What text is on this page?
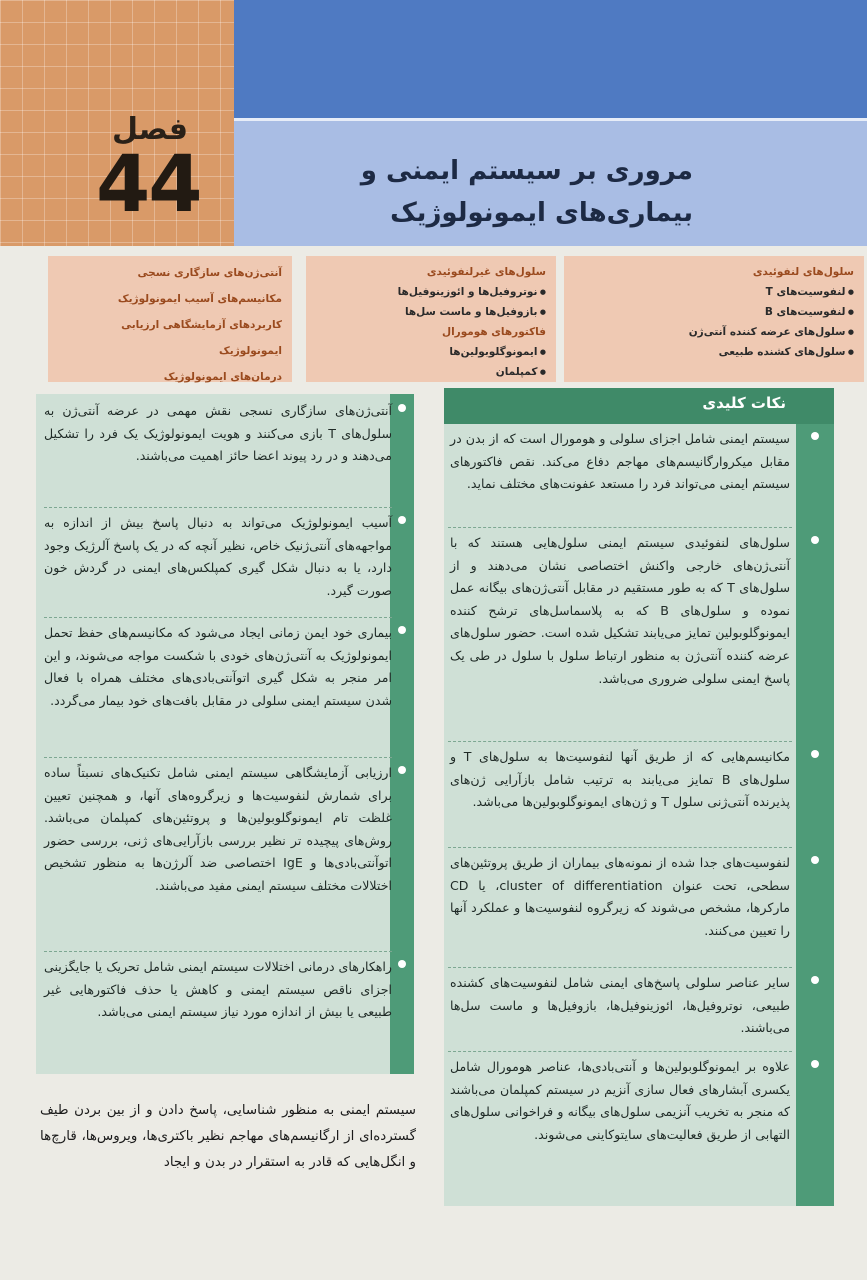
فصل
44	مروری بر سیستم ایمنی و بیماری‌های ایمونولوژیک
سلول‌های لنفوئیدی
● لنفوسیت‌های T
● لنفوسیت‌های B
● سلول‌های عرضه کننده آنتی‌ژن
● سلول‌های کشنده طبیعی
سلول‌های غیرلنفوئیدی
● نوتروفیل‌ها و ائوزینوفیل‌ها
● بازوفیل‌ها و ماست سل‌ها
فاکتورهای هومورال
● ایمونوگلوبولین‌ها
● کمپلمان
آنتی‌ژن‌های سازگاری نسجی
مکانیسم‌های آسیب ایمونولوژیک
کاربردهای آزمایشگاهی ارزیابی ایمونولوژیک
درمان‌های ایمونولوژیک
نکات کلیدی
سیستم ایمنی شامل اجزای سلولی و هومورال است که از بدن در مقابل میکروارگانیسم‌های مهاجم دفاع می‌کند. نقص فاکتورهای سیستم ایمنی می‌تواند فرد را مستعد عفونت‌های مختلف نماید.
سلول‌های لنفوئیدی سیستم ایمنی سلول‌هایی هستند که با آنتی‌ژن‌های خارجی واکنش اختصاصی نشان می‌دهند و از سلول‌های T که به طور مستقیم در مقابل آنتی‌ژن‌های بیگانه عمل نموده و سلول‌های B که به پلاسماسل‌های ترشح کننده ایمونوگلوبولین تمایز می‌یابند تشکیل شده است. حضور سلول‌های عرضه کننده آنتی‌ژن به منظور ارتباط سلول با سلول در طی یک پاسخ ایمنی سلولی ضروری می‌باشد.
مکانیسم‌هایی که از طریق آنها لنفوسیت‌ها به سلول‌های T و سلول‌های B تمایز می‌یابند به ترتیب شامل بازآرایی ژن‌های پذیرنده آنتی‌ژنی سلول T و ژن‌های ایمونوگلوبولین‌ها می‌باشد.
لنفوسیت‌های جدا شده از نمونه‌های بیماران از طریق پروتئین‌های سطحی، تحت عنوان cluster of differentiation، یا CD مارکرها، مشخص می‌شوند که زیرگروه لنفوسیت‌ها و عملکرد آنها را تعیین می‌کنند.
سایر عناصر سلولی پاسخ‌های ایمنی شامل لنفوسیت‌های کشنده طبیعی، نوتروفیل‌ها، ائوزینوفیل‌ها، بازوفیل‌ها و ماست سل‌ها می‌باشند.
علاوه بر ایمونوگلوبولین‌ها و آنتی‌بادی‌ها، عناصر هومورال شامل یکسری آبشارهای فعال سازی آنزیم در سیستم کمپلمان می‌باشند که منجر به تخریب آنزیمی سلول‌های بیگانه و فراخوانی سلول‌های التهابی از طریق فعالیت‌های سایتوکاینی می‌شوند.
آنتی‌ژن‌های سازگاری نسجی نقش مهمی در عرضه آنتی‌ژن به سلول‌های T بازی می‌کنند و هویت ایمونولوژیک یک فرد را تشکیل می‌دهند و در رد پیوند اعضا حائز اهمیت می‌باشند.
آسیب ایمونولوژیک می‌تواند به دنبال پاسخ بیش از اندازه به مواجهه‌های آنتی‌ژنیک خاص، نظیر آنچه که در یک پاسخ آلرژیک وجود دارد، یا به دنبال شکل گیری کمپلکس‌های ایمنی در گردش خون صورت گیرد.
بیماری خود ایمن زمانی ایجاد می‌شود که مکانیسم‌های حفظ تحمل ایمونولوژیک به آنتی‌ژن‌های خودی با شکست مواجه می‌شوند، و این امر منجر به شکل گیری اتوآنتی‌بادی‌های مختلف همراه با فعال شدن سیستم ایمنی سلولی در مقابل بافت‌های خود بیمار می‌گردد.
ارزیابی آزمایشگاهی سیستم ایمنی شامل تکنیک‌های نسبتاً ساده برای شمارش لنفوسیت‌ها و زیرگروه‌های آنها، و همچنین تعیین غلظت تام ایمونوگلوبولین‌ها و پروتئین‌های کمپلمان می‌باشد. روش‌های پیچیده تر نظیر بررسی بازآرایی‌های ژنی، بررسی حضور اتوآنتی‌بادی‌ها و IgE اختصاصی ضد آلرژن‌ها به منظور تشخیص اختلالات مختلف سیستم ایمنی مفید می‌باشند.
راهکارهای درمانی اختلالات سیستم ایمنی شامل تحریک یا جایگزینی اجزای ناقص سیستم ایمنی و کاهش یا حذف فاکتورهایی غیر طبیعی یا بیش از اندازه مورد نیاز سیستم ایمنی می‌باشد.
سیستم ایمنی به منظور شناسایی، پاسخ دادن و از بین بردن طیف گسترده‌ای از ارگانیسم‌های مهاجم نظیر باکتری‌ها، ویروس‌ها، قارچ‌ها و انگل‌هایی که قادر به استقرار در بدن و ایجاد
